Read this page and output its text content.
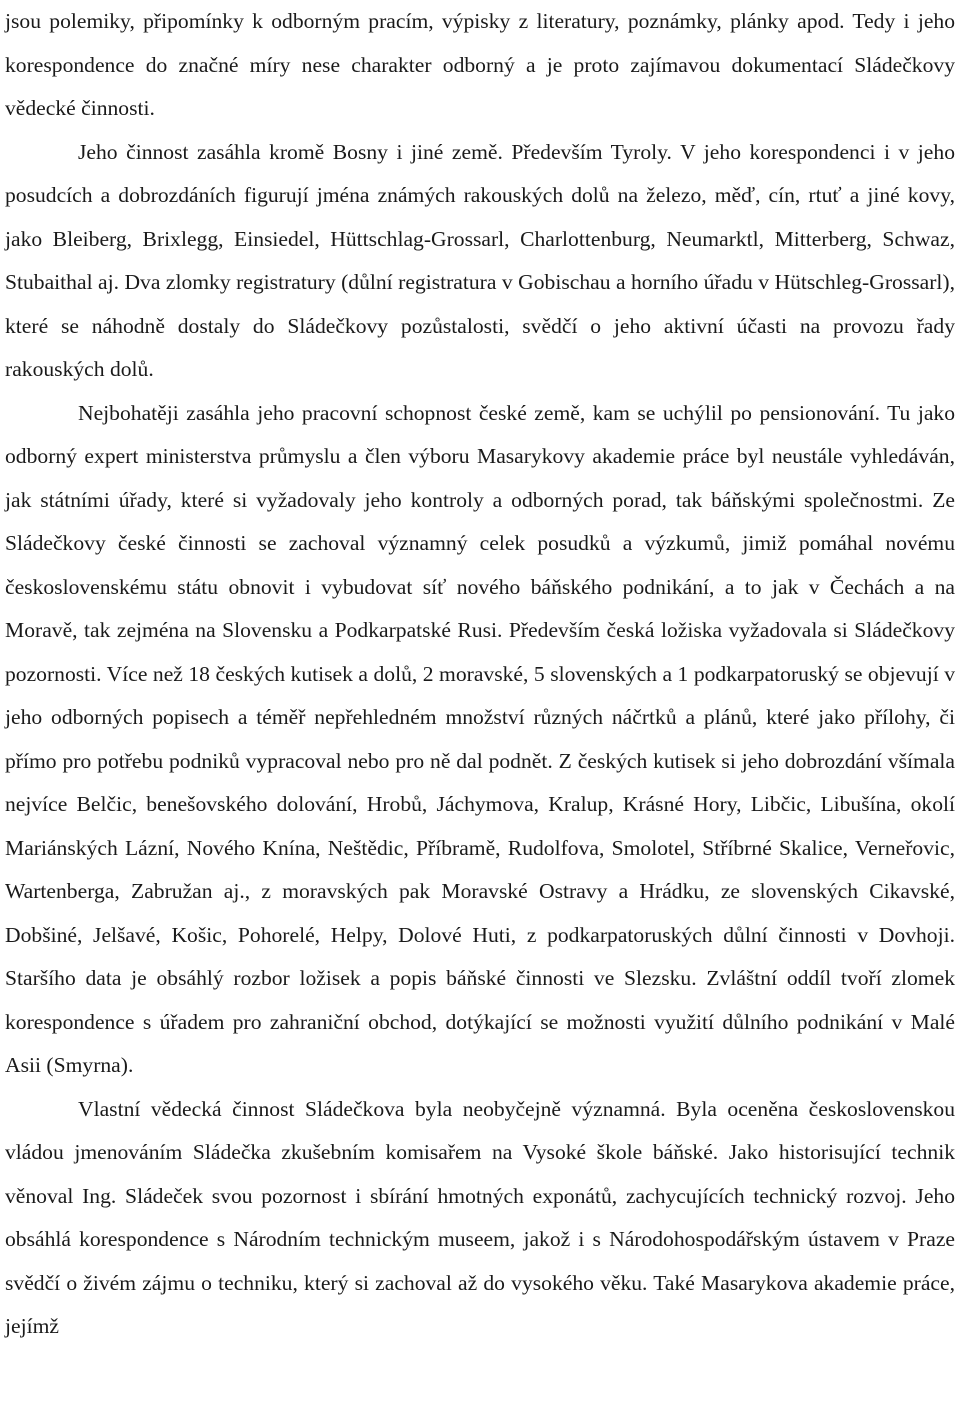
jsou polemiky, připomínky k odborným pracím, výpisky z literatury, poznámky, plánky apod. Tedy i jeho korespondence do značné míry nese charakter odborný a je proto zajímavou dokumentací Sládečkovy vědecké činnosti.

Jeho činnost zasáhla kromě Bosny i jiné země. Především Tyroly. V jeho korespondenci i v jeho posudcích a dobrozdáních figurují jména známých rakouských dolů na železo, měď, cín, rtuť a jiné kovy, jako Bleiberg, Brixlegg, Einsiedel, Hüttschlag-Grossarl, Charlottenburg, Neumarktl, Mitterberg, Schwaz, Stubaithal aj. Dva zlomky registratury (důlní registratura v Gobischau a horního úřadu v Hütschleg-Grossarl), které se náhodně dostaly do Sládečkovy pozůstalosti, svědčí o jeho aktivní účasti na provozu řady rakouských dolů.

Nejbohatěji zasáhla jeho pracovní schopnost české země, kam se uchýlil po pensionování. Tu jako odborný expert ministerstva průmyslu a člen výboru Masarykovy akademie práce byl neustále vyhledáván, jak státními úřady, které si vyžadovaly jeho kontroly a odborných porad, tak báňskými společnostmi. Ze Sládečkovy české činnosti se zachoval významný celek posudků a výzkumů, jimiž pomáhal novému československému státu obnovit i vybudovat síť nového báňského podnikání, a to jak v Čechách a na Moravě, tak zejména na Slovensku a Podkarpatské Rusi. Především česká ložiska vyžadovala si Sládečkovy pozornosti. Více než 18 českých kutisek a dolů, 2 moravské, 5 slovenských a 1 podkarpatoruský se objevují v jeho odborných popisech a téměř nepřehledném množství různých náčrtků a plánů, které jako přílohy, či přímo pro potřebu podniků vypracoval nebo pro ně dal podnět. Z českých kutisek si jeho dobrozdání všímala nejvíce Belčic, benešovského dolování, Hrobů, Jáchymova, Kralup, Krásné Hory, Libčic, Libušína, okolí Mariánských Lázní, Nového Knína, Neštědic, Příbramě, Rudolfova, Smolotel, Stříbrné Skalice, Verneřovic, Wartenberga, Zabružan aj., z moravských pak Moravské Ostravy a Hrádku, ze slovenských Cikavské, Dobšiné, Jelšavé, Košic, Pohorelé, Helpy, Dolové Huti, z podkarpatoruských důlní činnosti v Dovhoji. Staršího data je obsáhlý rozbor ložisek a popis báňské činnosti ve Slezsku. Zvláštní oddíl tvoří zlomek korespondence s úřadem pro zahraniční obchod, dotýkající se možnosti využití důlního podnikání v Malé Asii (Smyrna).

Vlastní vědecká činnost Sládečkova byla neobyčejně významná. Byla oceněna československou vládou jmenováním Sládečka zkušebním komisařem na Vysoké škole báňské. Jako historisující technik věnoval Ing. Sládeček svou pozornost i sbírání hmotných exponátů, zachycujících technický rozvoj. Jeho obsáhlá korespondence s Národním technickým museem, jakož i s Národohospodářským ústavem v Praze svědčí o živém zájmu o techniku, který si zachoval až do vysokého věku. Také Masarykova akademie práce, jejímž
